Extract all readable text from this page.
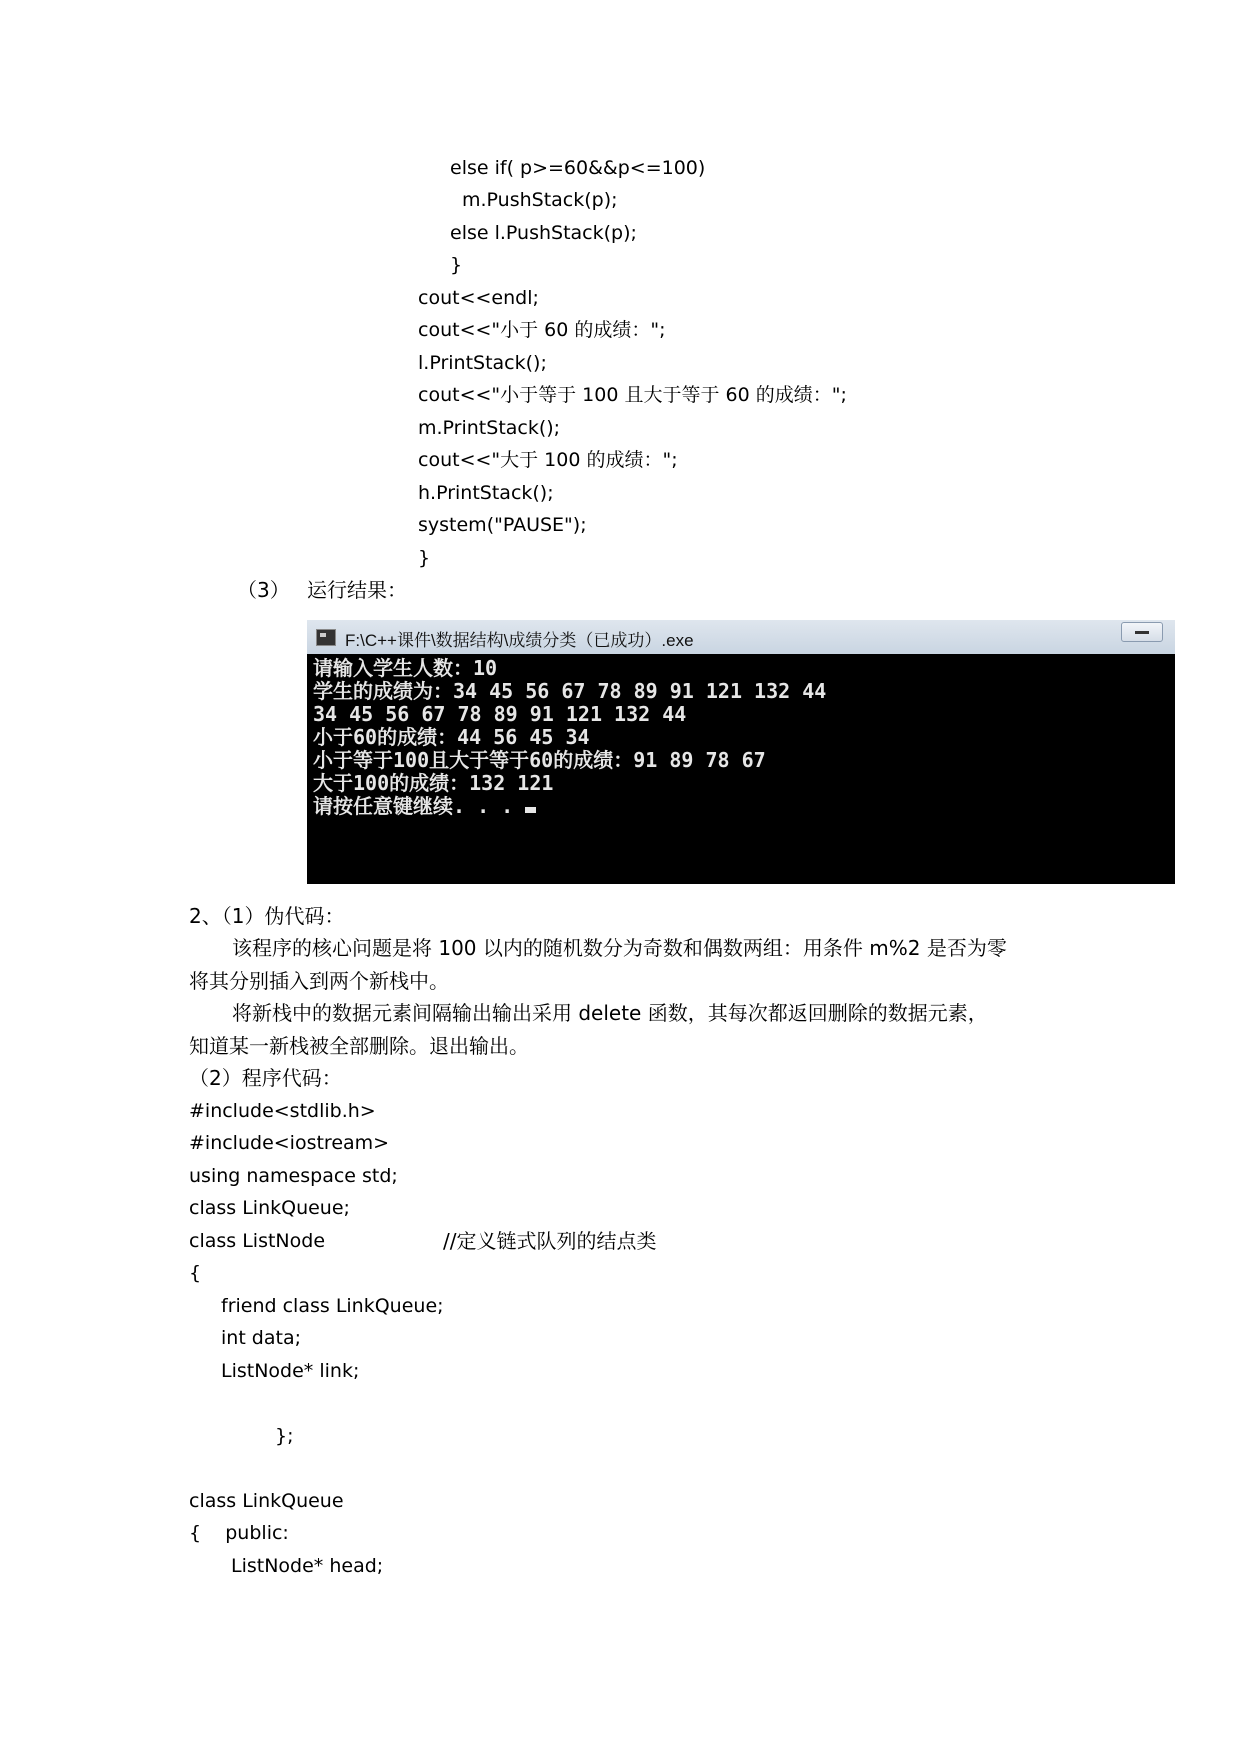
else if( p>=60&&p<=100)
m.PushStack(p);
else l.PushStack(p);
}
cout<<endl;
cout<<"小于 60 的成绩：";
l.PrintStack();
cout<<"小于等于 100 且大于等于 60 的成绩：";
m.PrintStack();
cout<<"大于 100 的成绩：";
h.PrintStack();
system("PAUSE");
}
（3） 运行结果：
F:\C++课件\数据结构\成绩分类（已成功）.exe
请输入学生人数：10
学生的成绩为：34 45 56 67 78 89 91 121 132 44
34 45 56 67 78 89 91 121 132 44
小于60的成绩：44 56 45 34
小于等于100且大于等于60的成绩：91 89 78 67
大于100的成绩：132 121
请按任意键继续. . .
2、（1）伪代码：
该程序的核心问题是将 100 以内的随机数分为奇数和偶数两组：用条件 m%2 是否为零
将其分别插入到两个新栈中。
将新栈中的数据元素间隔输出输出采用 delete 函数，其每次都返回删除的数据元素，
知道某一新栈被全部删除。退出输出。
（2）程序代码：
#include<stdlib.h>
#include<iostream>
using namespace std;
class LinkQueue;
class ListNode	//定义链式队列的结点类
{
friend class LinkQueue;
int data;
ListNode* link;
};
class LinkQueue
{    public:
ListNode* head;
